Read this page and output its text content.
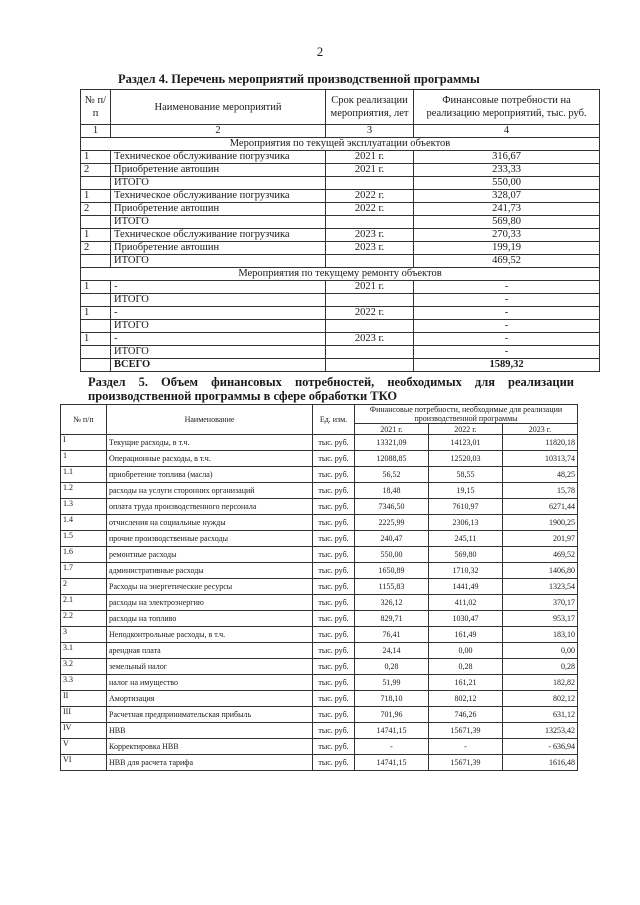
2
Раздел 4. Перечень мероприятий производственной программы
№ п/п	Наименование мероприятий	Срок реализации мероприятия, лет	Финансовые потребности на реализацию мероприятий, тыс. руб.
1	2	3	4
Мероприятия по текущей эксплуатации объектов			
1	Техническое обслуживание погрузчика	2021 г.	316,67
2	Приобретение автошин	2021 г.	233,33
	ИТОГО		550,00
1	Техническое обслуживание погрузчика	2022 г.	328,07
2	Приобретение автошин	2022 г.	241,73
	ИТОГО		569,80
1	Техническое обслуживание погрузчика	2023 г.	270,33
2	Приобретение автошин	2023 г.	199,19
	ИТОГО		469,52
Мероприятия по текущему ремонту объектов			
1	-	2021 г.	-
	ИТОГО		-
1	-	2022 г.	-
	ИТОГО		-
1	-	2023 г.	-
	ИТОГО		-
	ВСЕГО		1589,32
Раздел 5. Объем финансовых потребностей, необходимых для реализации производственной программы в сфере обработки ТКО
№ п/п	Наименование	Ед. изм.	Финансовые потребности, необходимые для реализации производственной программы		
			2021 г.	2022 г.	2023 г.
I	Текущие расходы, в т.ч.	тыс. руб.	13321,09	14123,01	11820,18
1	Операционные расходы, в т.ч.	тыс. руб.	12088,85	12520,03	10313,74
1.1	приобретение топлива (масла)	тыс. руб.	56,52	58,55	48,25
1.2	расходы на услуги сторонних организаций	тыс. руб.	18,48	19,15	15,78
1.3	оплата труда производственного персонала	тыс. руб.	7346,50	7610,97	6271,44
1.4	отчисления на социальные нужды	тыс. руб.	2225,99	2306,13	1900,25
1.5	прочие производственные расходы	тыс. руб.	240,47	245,11	201,97
1.6	ремонтные расходы	тыс. руб.	550,00	569,80	469,52
1.7	административные расходы	тыс. руб.	1650,89	1710,32	1406,80
2	Расходы на энергетические ресурсы	тыс. руб.	1155,83	1441,49	1323,54
2.1	расходы на электроэнергию	тыс. руб.	326,12	411,02	370,17
2.2	расходы на топливо	тыс. руб.	829,71	1030,47	953,17
3	Неподконтрольные расходы, в т.ч.	тыс. руб.	76,41	161,49	183,10
3.1	арендная плата	тыс. руб.	24,14	0,00	0,00
3.2	земельный налог	тыс. руб.	0,28	0,28	0,28
3.3	налог на имущество	тыс. руб.	51,99	161,21	182,82
II	Амортизация	тыс. руб.	718,10	802,12	802,12
III	Расчетная предпринимательская прибыль	тыс. руб.	701,96	746,26	631,12
IV	НВВ	тыс. руб.	14741,15	15671,39	13253,42
V	Корректировка НВВ	тыс. руб.	-	-	- 636,94
VI	НВВ для расчета тарифа	тыс. руб.	14741,15	15671,39	1616,48
